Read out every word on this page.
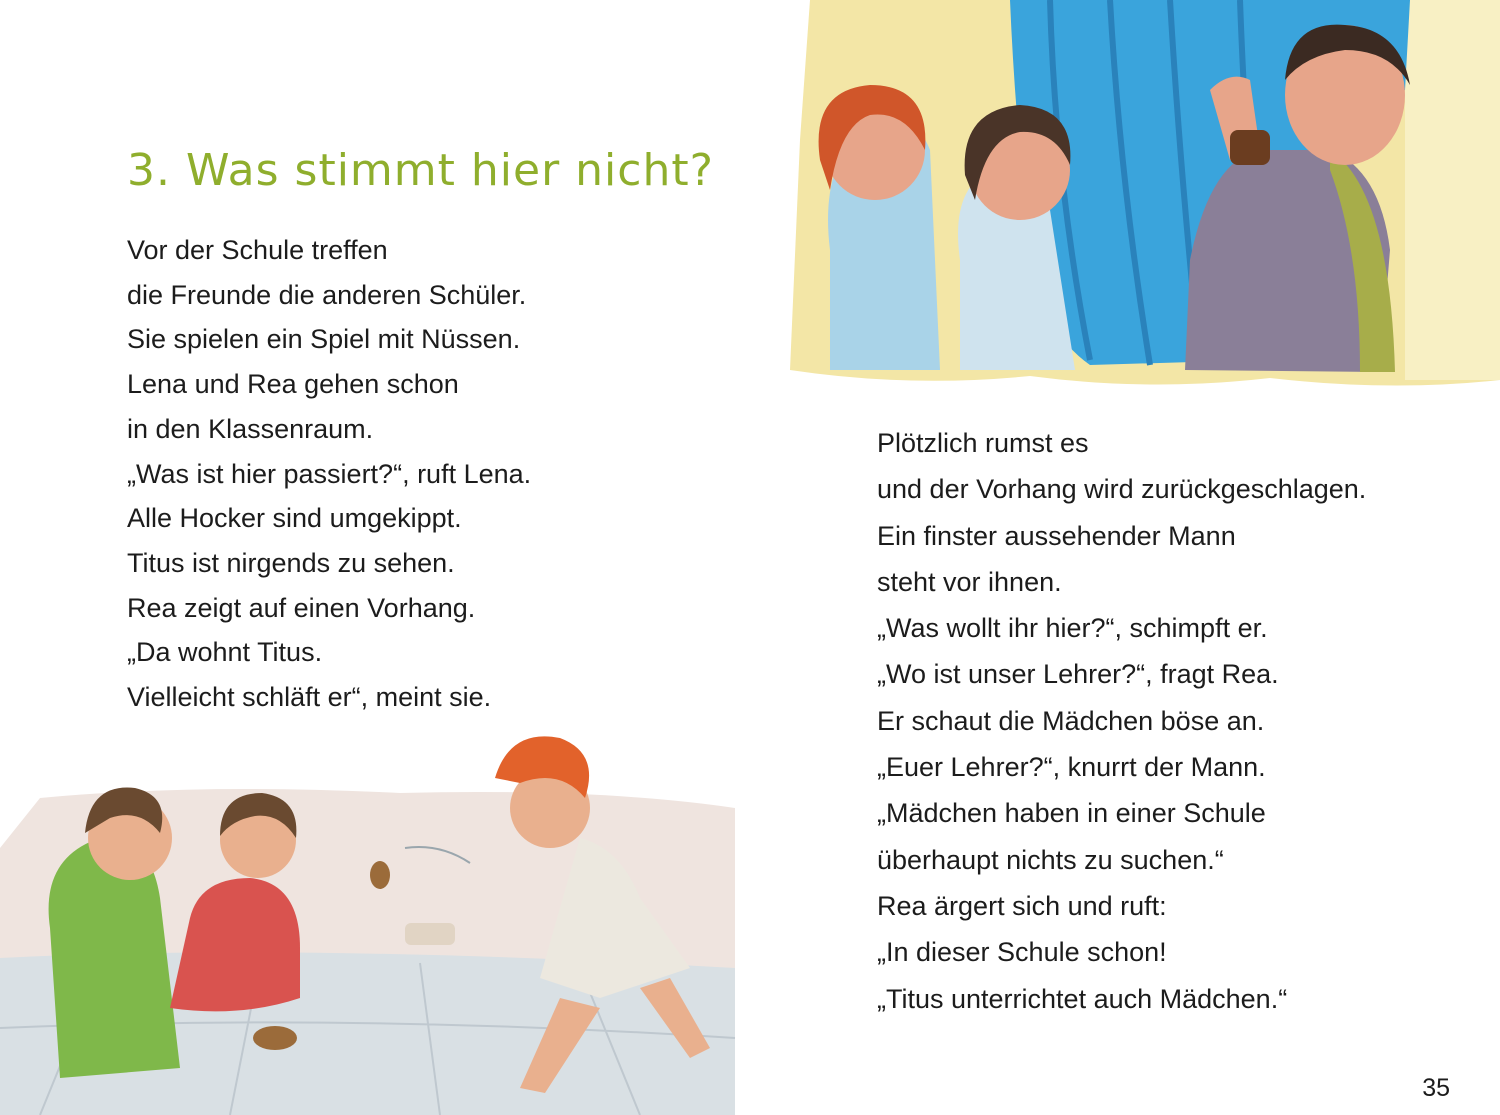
3. Was stimmt hier nicht?
Vor der Schule treffen
die Freunde die anderen Schüler.
Sie spielen ein Spiel mit Nüssen.
Lena und Rea gehen schon
in den Klassenraum.
„Was ist hier passiert?“, ruft Lena.
Alle Hocker sind umgekippt.
Titus ist nirgends zu sehen.
Rea zeigt auf einen Vorhang.
„Da wohnt Titus.
Vielleicht schläft er“, meint sie.
Plötzlich rumst es
und der Vorhang wird zurückgeschlagen.
Ein finster aussehender Mann
steht vor ihnen.
„Was wollt ihr hier?“, schimpft er.
„Wo ist unser Lehrer?“, fragt Rea.
Er schaut die Mädchen böse an.
„Euer Lehrer?“, knurrt der Mann.
„Mädchen haben in einer Schule
überhaupt nichts zu suchen.“
Rea ärgert sich und ruft:
„In dieser Schule schon!
„Titus unterrichtet auch Mädchen.“

35
